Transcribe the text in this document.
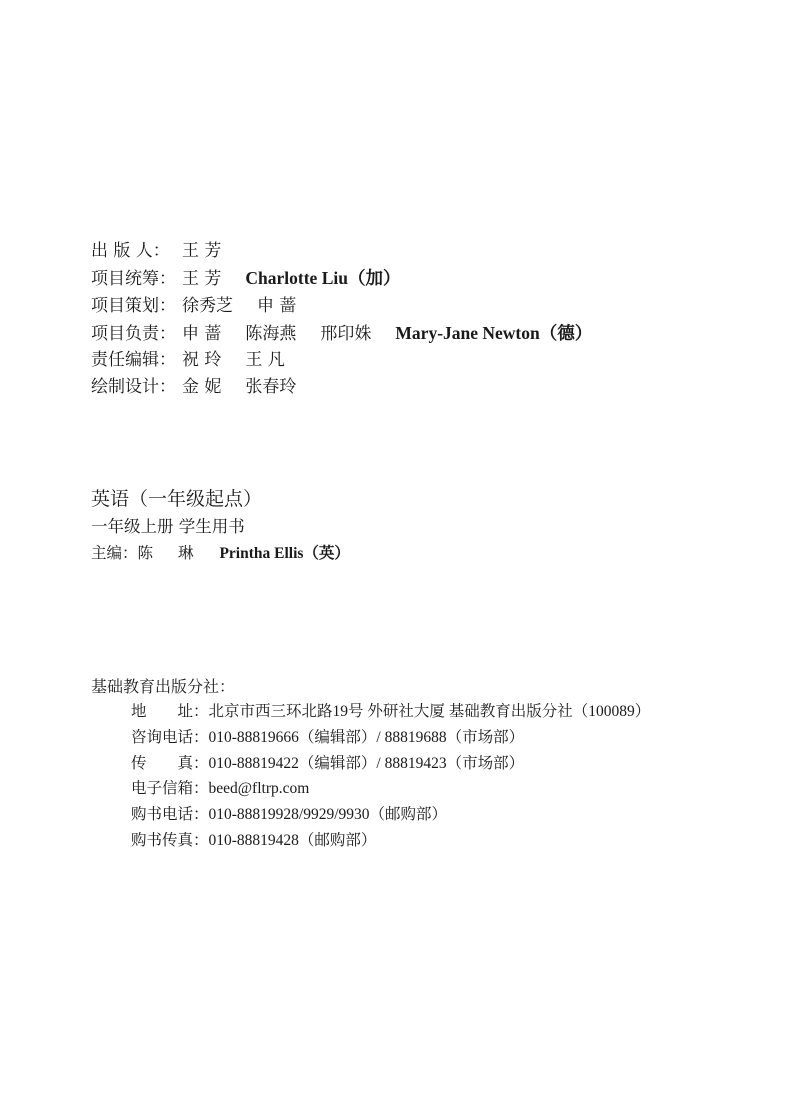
出 版 人： 王 芳
项目统筹： 王 芳 Charlotte Liu（加）
项目策划： 徐秀芝 申 蔷
项目负责： 申 蔷 陈海燕 邢印姝 Mary-Jane Newton（德）
责任编辑： 祝 玲 王 凡
绘制设计： 金 妮 张春玲
英语（一年级起点）
一年级上册 学生用书
主编：陈 琳 Printha Ellis（英）
基础教育出版分社：
地　　址：北京市西三环北路19号 外研社大厦 基础教育出版分社（100089）
咨询电话：010-88819666（编辑部）/ 88819688（市场部）
传　　真：010-88819422（编辑部）/ 88819423（市场部）
电子信箱：beed@fltrp.com
购书电话：010-88819928/9929/9930（邮购部）
购书传真：010-88819428（邮购部）
